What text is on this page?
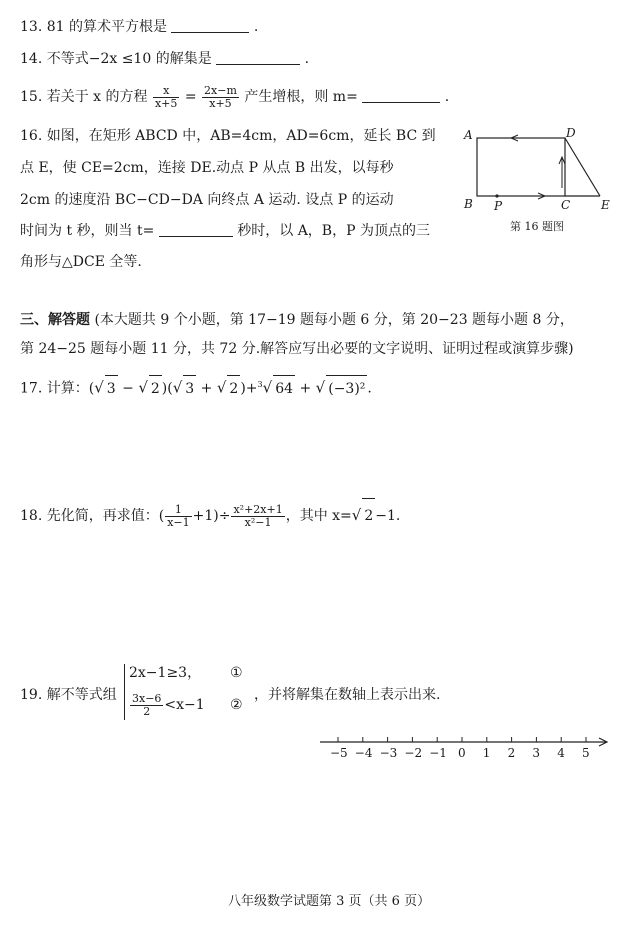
13. 81 的算术平方根是	.
14. 不等式−2x ≤10 的解集是	.
15. 若关于 x 的方程 $\frac{x}{x+5} = \frac{2x-m}{x+5}$ 产生增根，则 m=	.
16. 如图，在矩形 ABCD 中，AB=4cm，AD=6cm，延长 BC 到
点 E，使 CE=2cm，连接 DE.动点 P 从点 B 出发，以每秒
2cm 的速度沿 BC−CD−DA 向终点 A 运动. 设点 P 的运动
时间为 t 秒，则当 t=	秒时，以 A，B，P 为顶点的三
角形与△DCE 全等.
A	D
B P	C	E
第 16 题图
三、解答题 (本大题共 9 个小题，第 17−19 题每小题 6 分，第 20−23 题每小题 8 分，
第 24−25 题每小题 11 分，共 72 分.解答应写出必要的文字说明、证明过程或演算步骤)
17. 计算：(√ 3 − √ 2 )(√ 3 + √ 2 )+$^3$√ 64 + √ (−3)² .
18. 先化简，再求值：( $\frac{1}{x-1} +1)\div \frac{\text{x²+2x+1}}{\text{x²−1}}$ ，其中 x=√ 2 −1.
19. 解不等式组
2x−1≥3， ①
$\frac{3x-6}{2} <x-1$ ②
，并将解集在数轴上表示出来.
−5 −4 −3 −2 −1 0 1 2 3 4 5
八年级数学试题第 3 页（共 6 页）
